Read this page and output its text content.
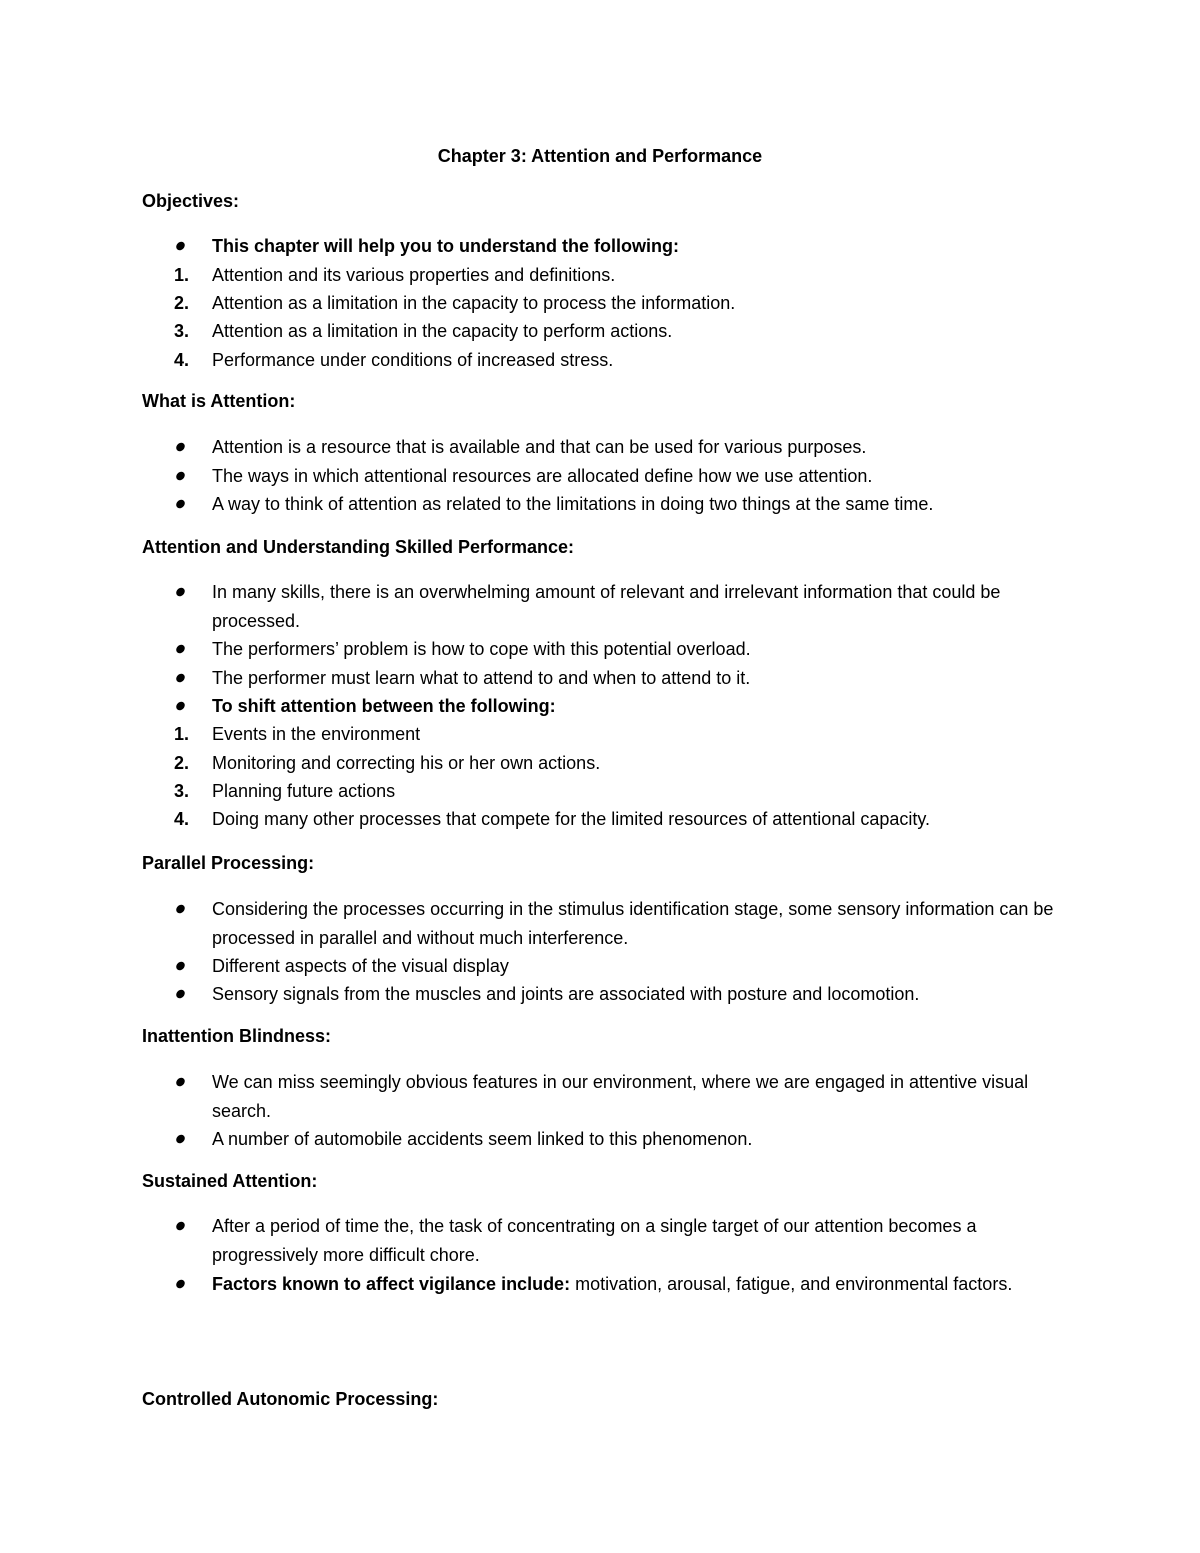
Chapter 3: Attention and Performance
Objectives:
This chapter will help you to understand the following:
1.	Attention and its various properties and definitions.
2.	Attention as a limitation in the capacity to process the information.
3.	Attention as a limitation in the capacity to perform actions.
4.	Performance under conditions of increased stress.
What is Attention:
Attention is a resource that is available and that can be used for various purposes.
The ways in which attentional resources are allocated define how we use attention.
A way to think of attention as related to the limitations in doing two things at the same time.
Attention and Understanding Skilled Performance:
In many skills, there is an overwhelming amount of relevant and irrelevant information that could be processed.
The performers’ problem is how to cope with this potential overload.
The performer must learn what to attend to and when to attend to it.
To shift attention between the following:
1.	Events in the environment
2.	Monitoring and correcting his or her own actions.
3.	Planning future actions
4.	Doing many other processes that compete for the limited resources of attentional capacity.
Parallel Processing:
Considering the processes occurring in the stimulus identification stage, some sensory information can be processed in parallel and without much interference.
Different aspects of the visual display
Sensory signals from the muscles and joints are associated with posture and locomotion.
Inattention Blindness:
We can miss seemingly obvious features in our environment, where we are engaged in attentive visual search.
A number of automobile accidents seem linked to this phenomenon.
Sustained Attention:
After a period of time the, the task of concentrating on a single target of our attention becomes a progressively more difficult chore.
Factors known to affect vigilance include: motivation, arousal, fatigue, and environmental factors.
Controlled Autonomic Processing:
